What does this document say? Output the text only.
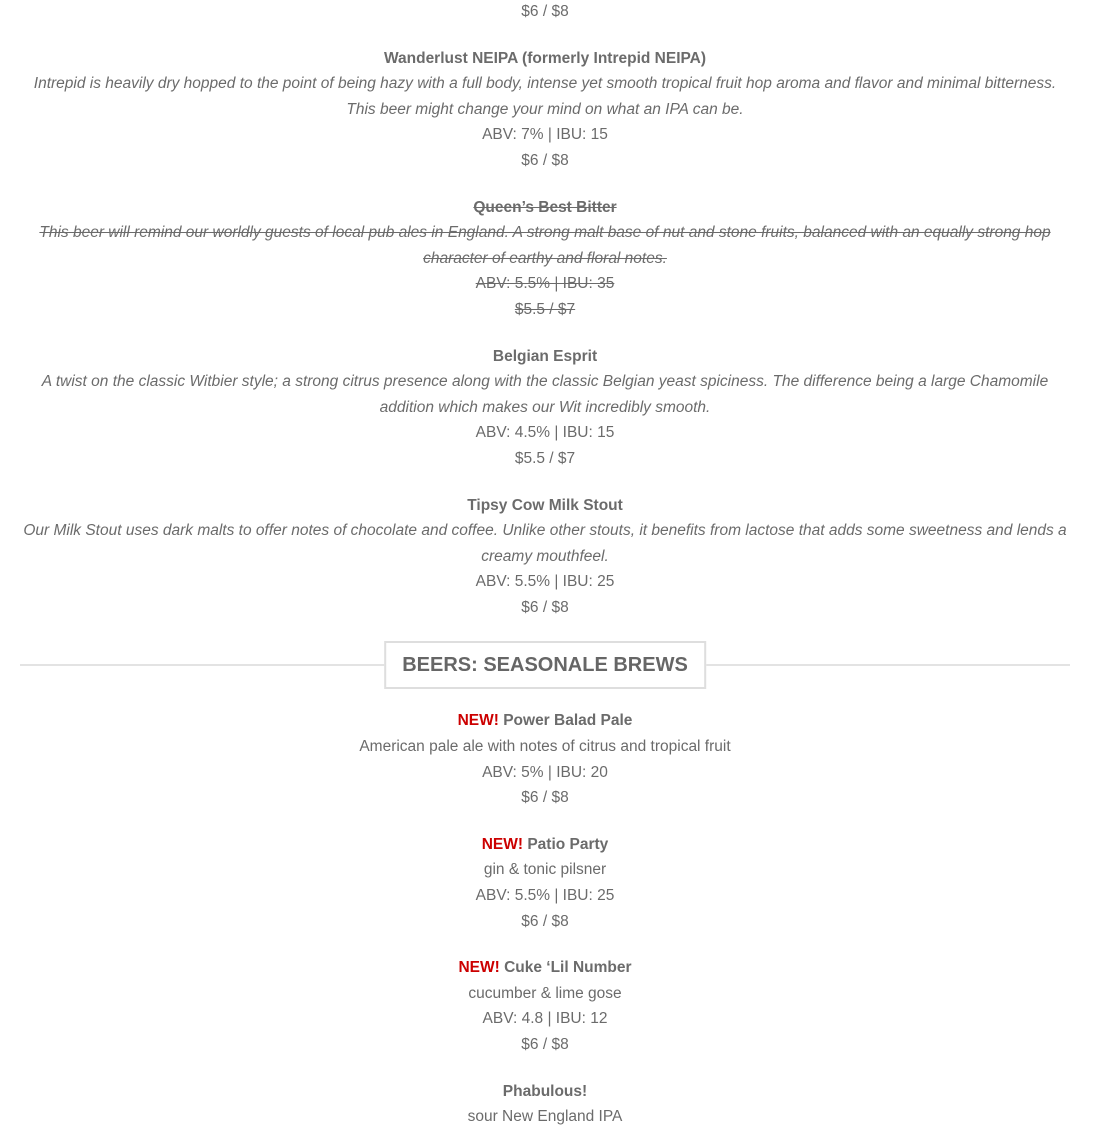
$6 / $8
Wanderlust NEIPA (formerly Intrepid NEIPA)
Intrepid is heavily dry hopped to the point of being hazy with a full body, intense yet smooth tropical fruit hop aroma and flavor and minimal bitterness.
This beer might change your mind on what an IPA can be.
ABV: 7% | IBU: 15
$6 / $8
Queen’s Best Bitter
This beer will remind our worldly guests of local pub ales in England. A strong malt base of nut and stone fruits, balanced with an equally strong hop
character of earthy and floral notes.
ABV: 5.5% | IBU: 35
$5.5 / $7
Belgian Esprit
A twist on the classic Witbier style; a strong citrus presence along with the classic Belgian yeast spiciness. The difference being a large Chamomile
addition which makes our Wit incredibly smooth.
ABV: 4.5% | IBU: 15
$5.5 / $7
Tipsy Cow Milk Stout
Our Milk Stout uses dark malts to offer notes of chocolate and coffee. Unlike other stouts, it benefits from lactose that adds some sweetness and lends a
creamy mouthfeel.
ABV: 5.5% | IBU: 25
$6 / $8
BEERS: SEASONALE BREWS
NEW! Power Balad Pale
American pale ale with notes of citrus and tropical fruit
ABV: 5% | IBU: 20
$6 / $8
NEW! Patio Party
gin & tonic pilsner
ABV: 5.5% | IBU: 25
$6 / $8
NEW! Cuke ‘Lil Number
cucumber & lime gose
ABV: 4.8 | IBU: 12
$6 / $8
Phabulous!
sour New England IPA
